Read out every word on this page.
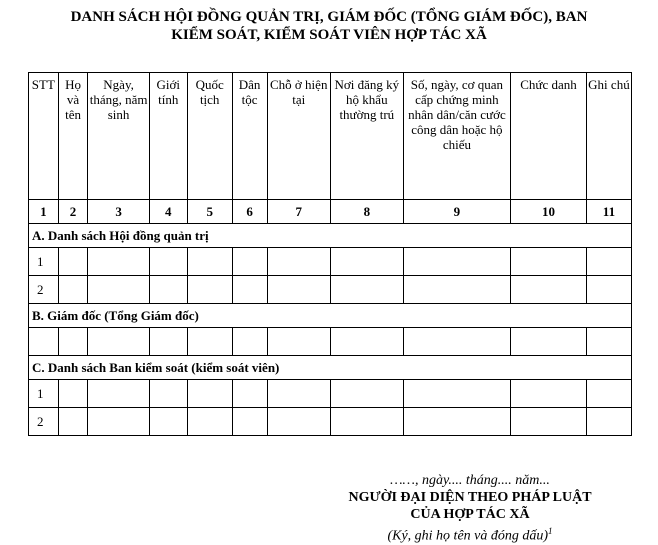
DANH SÁCH HỘI ĐỒNG QUẢN TRỊ, GIÁM ĐỐC (TỔNG GIÁM ĐỐC), BAN
KIỂM SOÁT, KIỂM SOÁT VIÊN HỢP TÁC XÃ
STT	Họ và tên	Ngày, tháng, năm sinh	Giới tính	Quốc tịch	Dân tộc	Chỗ ở hiện tại	Nơi đăng ký hộ khẩu thường trú	Số, ngày, cơ quan cấp chứng minh nhân dân/căn cước công dân hoặc hộ chiếu	Chức danh	Ghi chú
1	2	3	4	5	6	7	8	9	10	11
A. Danh sách Hội đồng quản trị										
1										
2										
B. Giám đốc (Tổng Giám đốc)										

C. Danh sách Ban kiểm soát (kiểm soát viên)										
1										
2										
……, ngày.... tháng.... năm...
NGƯỜI ĐẠI DIỆN THEO PHÁP LUẬT
CỦA HỢP TÁC XÃ
(Ký, ghi họ tên và đóng dấu)$^1$
